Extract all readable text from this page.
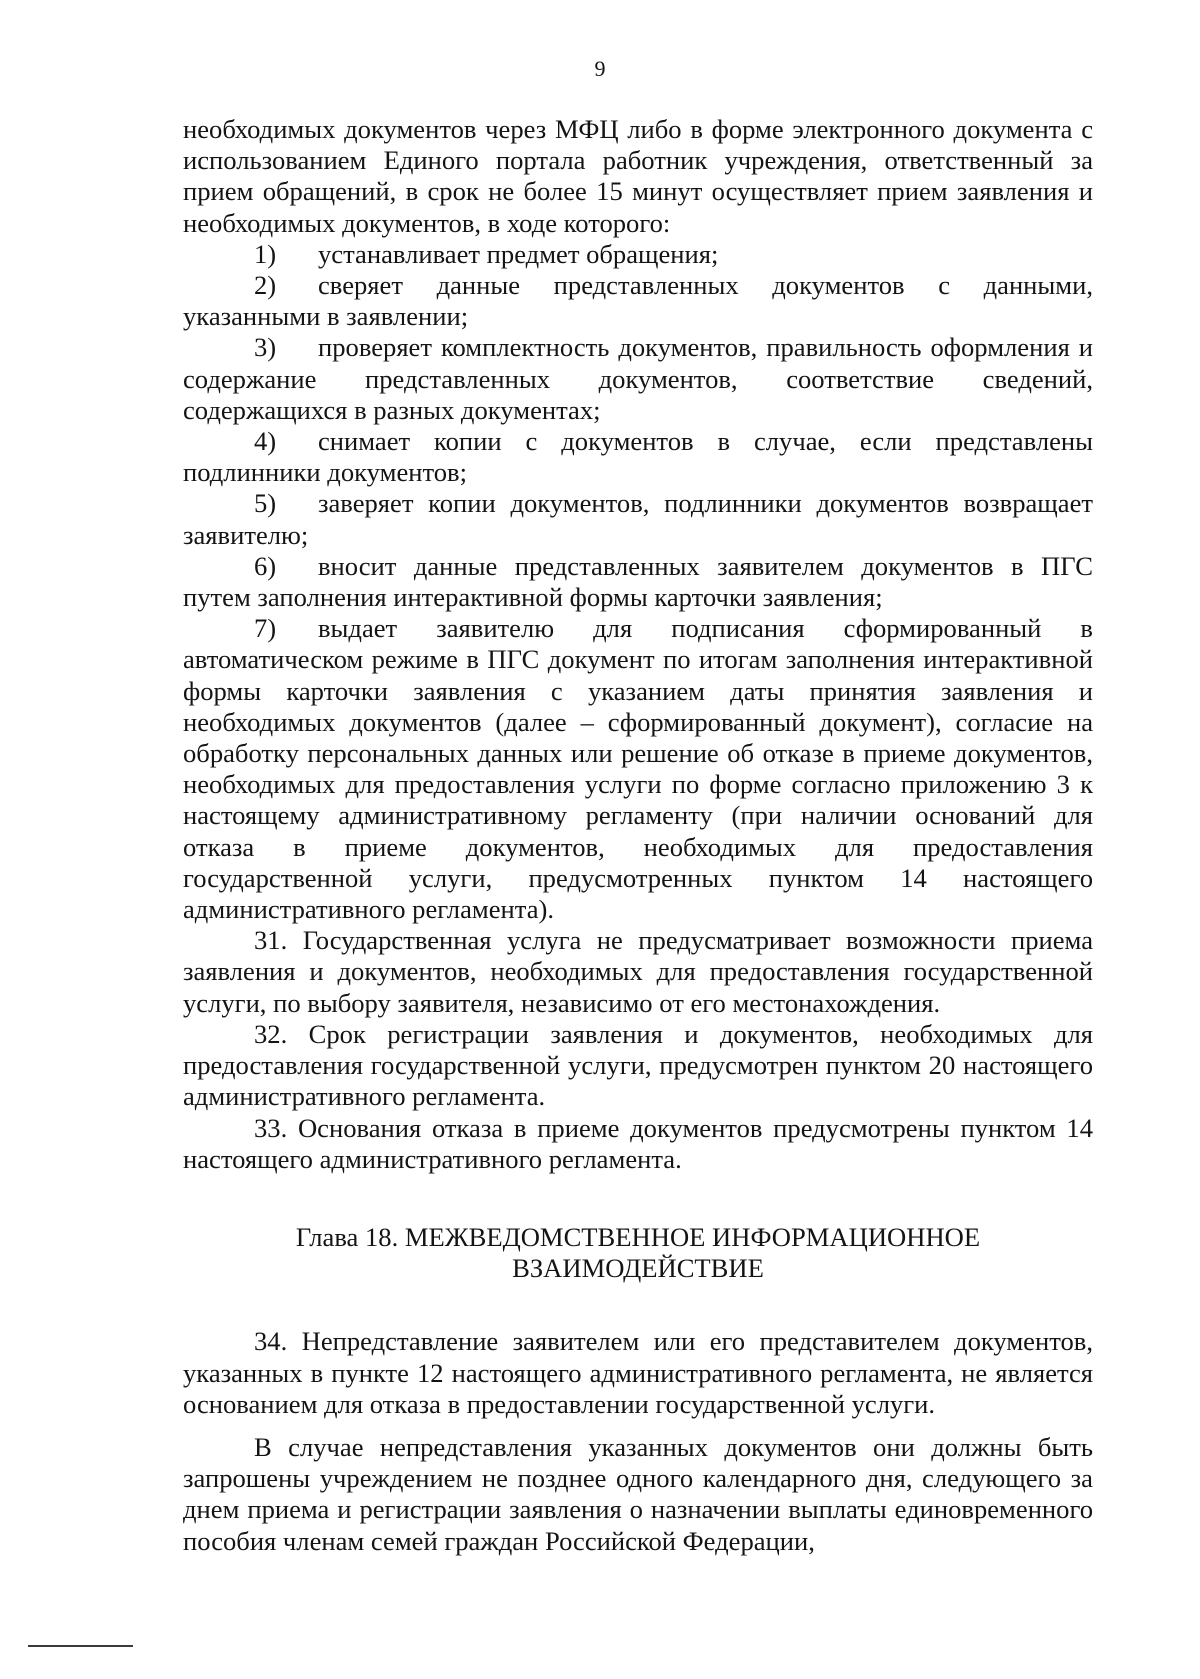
9

необходимых документов через МФЦ либо в форме электронного документа с использованием Единого портала работник учреждения, ответственный за прием обращений, в срок не более 15 минут осуществляет прием заявления и необходимых документов, в ходе которого:

1) устанавливает предмет обращения;

2) сверяет данные представленных документов с данными, указанными в заявлении;

3) проверяет комплектность документов, правильность оформления и содержание представленных документов, соответствие сведений, содержащихся в разных документах;

4) снимает копии с документов в случае, если представлены подлинники документов;

5) заверяет копии документов, подлинники документов возвращает заявителю;

6) вносит данные представленных заявителем документов в ПГС путем заполнения интерактивной формы карточки заявления;

7) выдает заявителю для подписания сформированный в автоматическом режиме в ПГС документ по итогам заполнения интерактивной формы карточки заявления с указанием даты принятия заявления и необходимых документов (далее – сформированный документ), согласие на обработку персональных данных или решение об отказе в приеме документов, необходимых для предоставления услуги по форме согласно приложению 3 к настоящему административному регламенту (при наличии оснований для отказа в приеме документов, необходимых для предоставления государственной услуги, предусмотренных пунктом 14 настоящего административного регламента).

31. Государственная услуга не предусматривает возможности приема заявления и документов, необходимых для предоставления государственной услуги, по выбору заявителя, независимо от его местонахождения.

32. Срок регистрации заявления и документов, необходимых для предоставления государственной услуги, предусмотрен пунктом 20 настоящего административного регламента.

33. Основания отказа в приеме документов предусмотрены пунктом 14 настоящего административного регламента.

Глава 18. МЕЖВЕДОМСТВЕННОЕ ИНФОРМАЦИОННОЕ
ВЗАИМОДЕЙСТВИЕ

34. Непредставление заявителем или его представителем документов, указанных в пункте 12 настоящего административного регламента, не является основанием для отказа в предоставлении государственной услуги.

В случае непредставления указанных документов они должны быть запрошены учреждением не позднее одного календарного дня, следующего за днем приема и регистрации заявления о назначении выплаты единовременного пособия членам семей граждан Российской Федерации,
